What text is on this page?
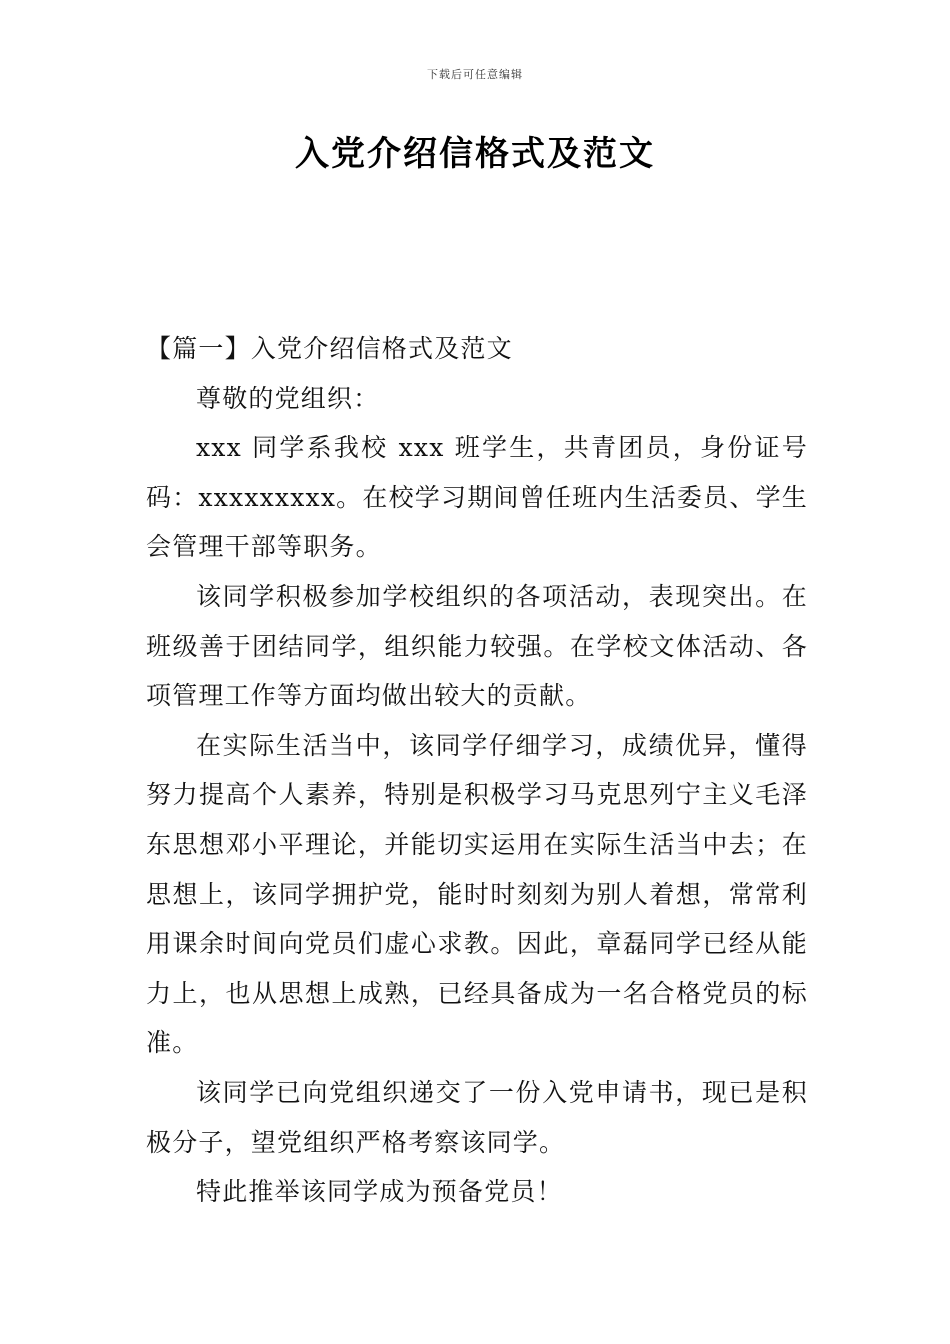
下载后可任意编辑
入党介绍信格式及范文

【篇一】入党介绍信格式及范文

尊敬的党组织：

xxx 同学系我校 xxx 班学生，共青团员，身份证号码：xxxxxxxxx。在校学习期间曾任班内生活委员、学生会管理干部等职务。

该同学积极参加学校组织的各项活动，表现突出。在班级善于团结同学，组织能力较强。在学校文体活动、各项管理工作等方面均做出较大的贡献。

在实际生活当中，该同学仔细学习，成绩优异，懂得努力提高个人素养，特别是积极学习马克思列宁主义毛泽东思想邓小平理论，并能切实运用在实际生活当中去；在思想上，该同学拥护党，能时时刻刻为别人着想，常常利用课余时间向党员们虚心求教。因此，章磊同学已经从能力上，也从思想上成熟，已经具备成为一名合格党员的标准。

该同学已向党组织递交了一份入党申请书，现已是积极分子，望党组织严格考察该同学。

特此推举该同学成为预备党员！
